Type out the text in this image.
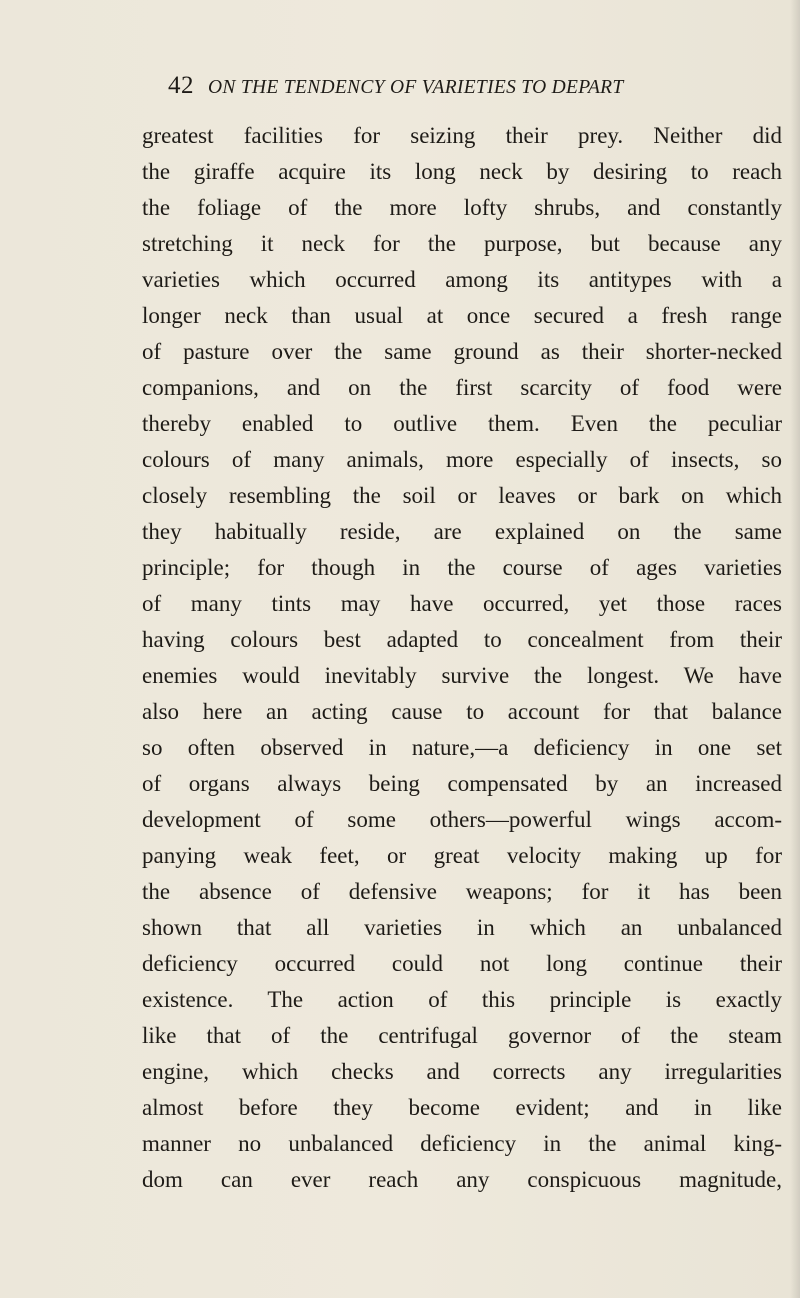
42 ON THE TENDENCY OF VARIETIES TO DEPART
greatest facilities for seizing their prey. Neither did
the giraffe acquire its long neck by desiring to reach
the foliage of the more lofty shrubs, and constantly
stretching it neck for the purpose, but because any
varieties which occurred among its antitypes with a
longer neck than usual at once secured a fresh range
of pasture over the same ground as their shorter-necked
companions, and on the first scarcity of food were
thereby enabled to outlive them. Even the peculiar
colours of many animals, more especially of insects, so
closely resembling the soil or leaves or bark on which
they habitually reside, are explained on the same
principle; for though in the course of ages varieties
of many tints may have occurred, yet those races
having colours best adapted to concealment from their
enemies would inevitably survive the longest. We have
also here an acting cause to account for that balance
so often observed in nature,—a deficiency in one set
of organs always being compensated by an increased
development of some others—powerful wings accom-
panying weak feet, or great velocity making up for
the absence of defensive weapons; for it has been
shown that all varieties in which an unbalanced
deficiency occurred could not long continue their
existence. The action of this principle is exactly
like that of the centrifugal governor of the steam
engine, which checks and corrects any irregularities
almost before they become evident; and in like
manner no unbalanced deficiency in the animal king-
dom can ever reach any conspicuous magnitude,
